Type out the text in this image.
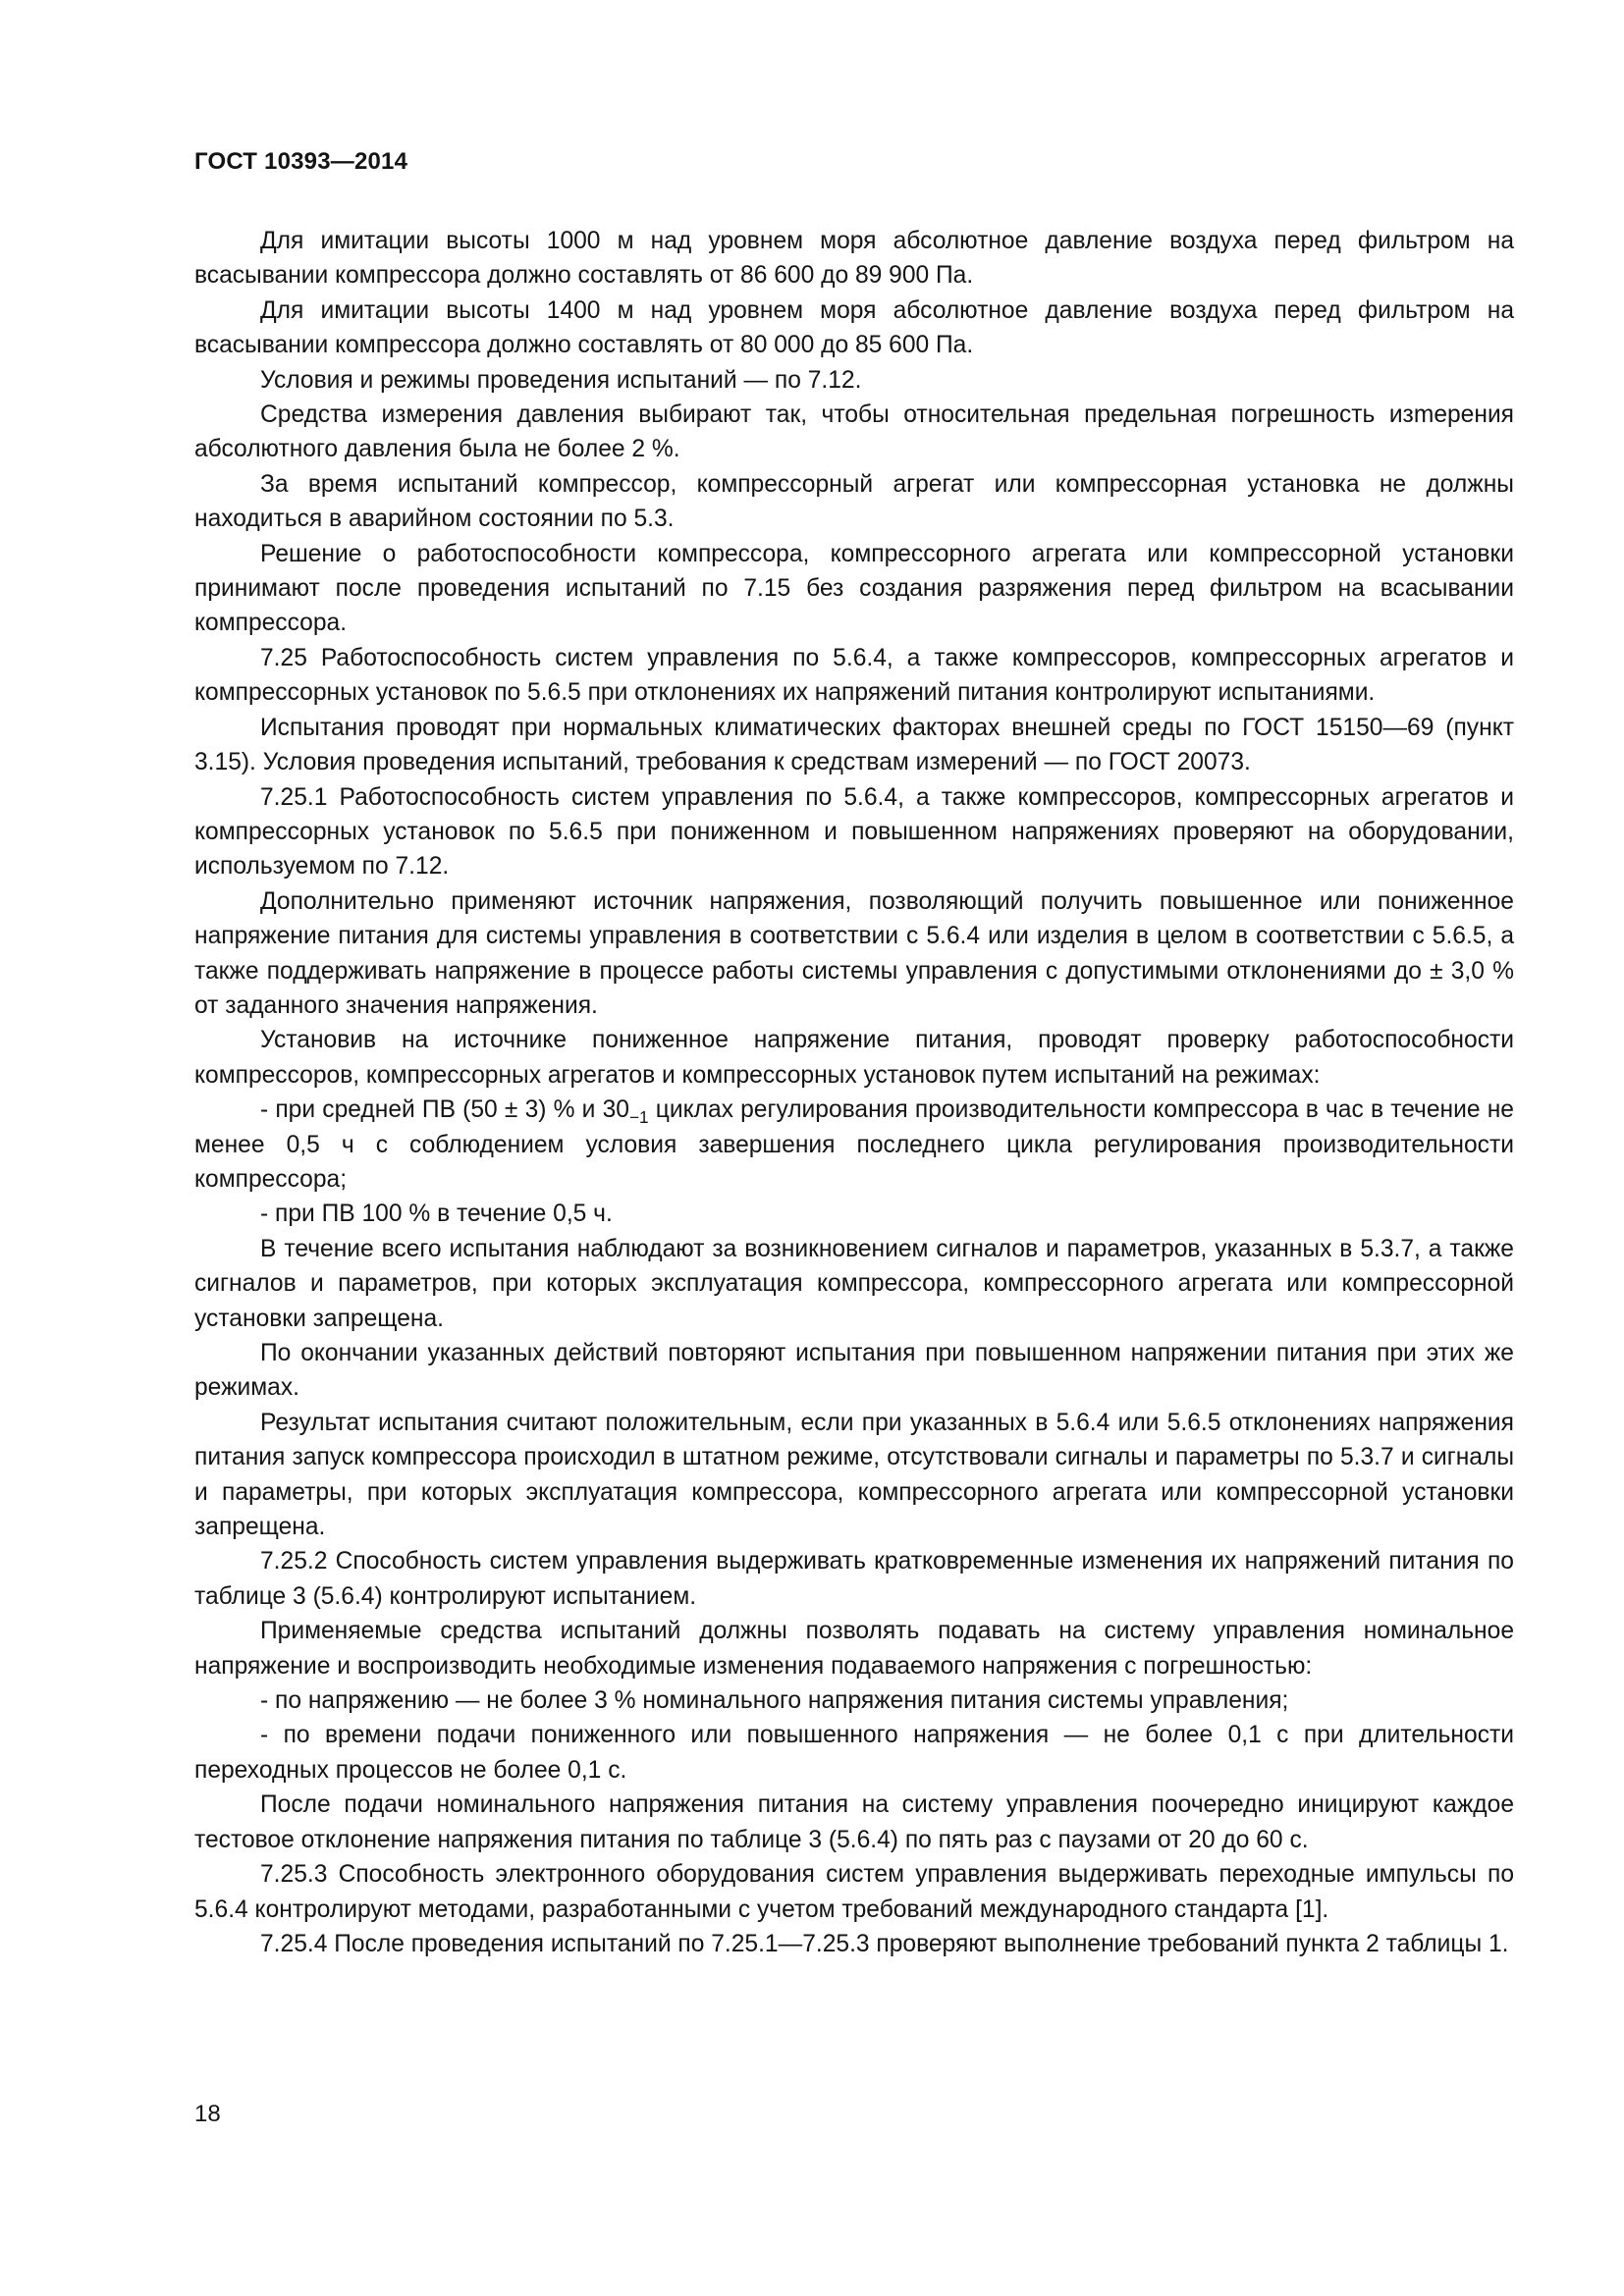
ГОСТ 10393—2014

Для имитации высоты 1000 м над уровнем моря абсолютное давление воздуха перед фильтром на всасывании компрессора должно составлять от 86 600 до 89 900 Па.

Для имитации высоты 1400 м над уровнем моря абсолютное давление воздуха перед фильтром на всасывании компрессора должно составлять от 80 000 до 85 600 Па.

Условия и режимы проведения испытаний — по 7.12.

Средства измерения давления выбирают так, чтобы относительная предельная погрешность изmерения абсолютного давления была не более 2 %.

За время испытаний компрессор, компрессорный агрегат или компрессорная установка не должны находиться в аварийном состоянии по 5.3.

Решение о работоспособности компрессора, компрессорного агрегата или компрессорной установки принимают после проведения испытаний по 7.15 без создания разряжения перед фильтром на всасывании компрессора.

7.25 Работоспособность систем управления по 5.6.4, а также компрессоров, компрессорных агрегатов и компрессорных установок по 5.6.5 при отклонениях их напряжений питания контролируют испытаниями.

Испытания проводят при нормальных климатических факторах внешней среды по ГОСТ 15150—69 (пункт 3.15). Условия проведения испытаний, требования к средствам измерений — по ГОСТ 20073.

7.25.1 Работоспособность систем управления по 5.6.4, а также компрессоров, компрессорных агрегатов и компрессорных установок по 5.6.5 при пониженном и повышенном напряжениях проверяют на оборудовании, используемом по 7.12.

Дополнительно применяют источник напряжения, позволяющий получить повышенное или пониженное напряжение питания для системы управления в соответствии с 5.6.4 или изделия в целом в соответствии с 5.6.5, а также поддерживать напряжение в процессе работы системы управления с допустимыми отклонениями до ± 3,0 % от заданного значения напряжения.

Установив на источнике пониженное напряжение питания, проводят проверку работоспособности компрессоров, компрессорных агрегатов и компрессорных установок путем испытаний на режимах:

- при средней ПВ (50 ± 3) % и $30_{-1}$ циклах регулирования производительности компрессора в час в течение не менее 0,5 ч с соблюдением условия завершения последнего цикла регулирования производительности компрессора;

- при ПВ 100 % в течение 0,5 ч.

В течение всего испытания наблюдают за возникновением сигналов и параметров, указанных в 5.3.7, а также сигналов и параметров, при которых эксплуатация компрессора, компрессорного агрегата или компрессорной установки запрещена.

По окончании указанных действий повторяют испытания при повышенном напряжении питания при этих же режимах.

Результат испытания считают положительным, если при указанных в 5.6.4 или 5.6.5 отклонениях напряжения питания запуск компрессора происходил в штатном режиме, отсутствовали сигналы и параметры по 5.3.7 и сигналы и параметры, при которых эксплуатация компрессора, компрессорного агрегата или компрессорной установки запрещена.

7.25.2 Способность систем управления выдерживать кратковременные изменения их напряжений питания по таблице 3 (5.6.4) контролируют испытанием.

Применяемые средства испытаний должны позволять подавать на систему управления номинальное напряжение и воспроизводить необходимые изменения подаваемого напряжения с погрешностью:

- по напряжению — не более 3 % номинального напряжения питания системы управления;

- по времени подачи пониженного или повышенного напряжения — не более 0,1 с при длительности переходных процессов не более 0,1 с.

После подачи номинального напряжения питания на систему управления поочередно иницируют каждое тестовое отклонение напряжения питания по таблице 3 (5.6.4) по пять раз с паузами от 20 до 60 с.

7.25.3 Способность электронного оборудования систем управления выдерживать переходные импульсы по 5.6.4 контролируют методами, разработанными с учетом требований международного стандарта [1].

7.25.4 После проведения испытаний по 7.25.1—7.25.3 проверяют выполнение требований пункта 2 таблицы 1.

18
